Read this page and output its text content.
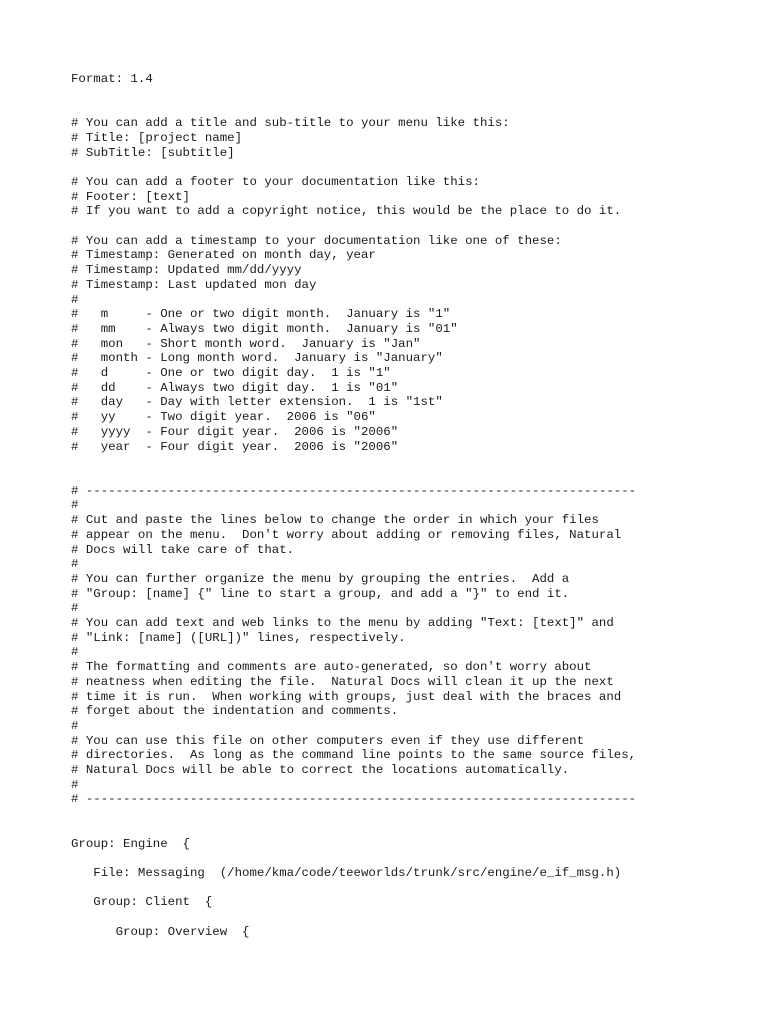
Format: 1.4

# You can add a title and sub-title to your menu like this:
# Title: [project name]
# SubTitle: [subtitle]

# You can add a footer to your documentation like this:
# Footer: [text]
# If you want to add a copyright notice, this would be the place to do it.

# You can add a timestamp to your documentation like one of these:
# Timestamp: Generated on month day, year
# Timestamp: Updated mm/dd/yyyy
# Timestamp: Last updated mon day
#
#   m     - One or two digit month.  January is "1"
#   mm    - Always two digit month.  January is "01"
#   mon   - Short month word.  January is "Jan"
#   month - Long month word.  January is "January"
#   d     - One or two digit day.  1 is "1"
#   dd    - Always two digit day.  1 is "01"
#   day   - Day with letter extension.  1 is "1st"
#   yy    - Two digit year.  2006 is "06"
#   yyyy  - Four digit year.  2006 is "2006"
#   year  - Four digit year.  2006 is "2006"

# --------------------------------------------------------------------------
#
# Cut and paste the lines below to change the order in which your files
# appear on the menu.  Don't worry about adding or removing files, Natural
# Docs will take care of that.
#
# You can further organize the menu by grouping the entries.  Add a
# "Group: [name] {" line to start a group, and add a "}" to end it.
#
# You can add text and web links to the menu by adding "Text: [text]" and
# "Link: [name] ([URL])" lines, respectively.
#
# The formatting and comments are auto-generated, so don't worry about
# neatness when editing the file.  Natural Docs will clean it up the next
# time it is run.  When working with groups, just deal with the braces and
# forget about the indentation and comments.
#
# You can use this file on other computers even if they use different
# directories.  As long as the command line points to the same source files,
# Natural Docs will be able to correct the locations automatically.
#
# --------------------------------------------------------------------------

Group: Engine  {

File: Messaging  (/home/kma/code/teeworlds/trunk/src/engine/e_if_msg.h)

Group: Client  {

Group: Overview  {
